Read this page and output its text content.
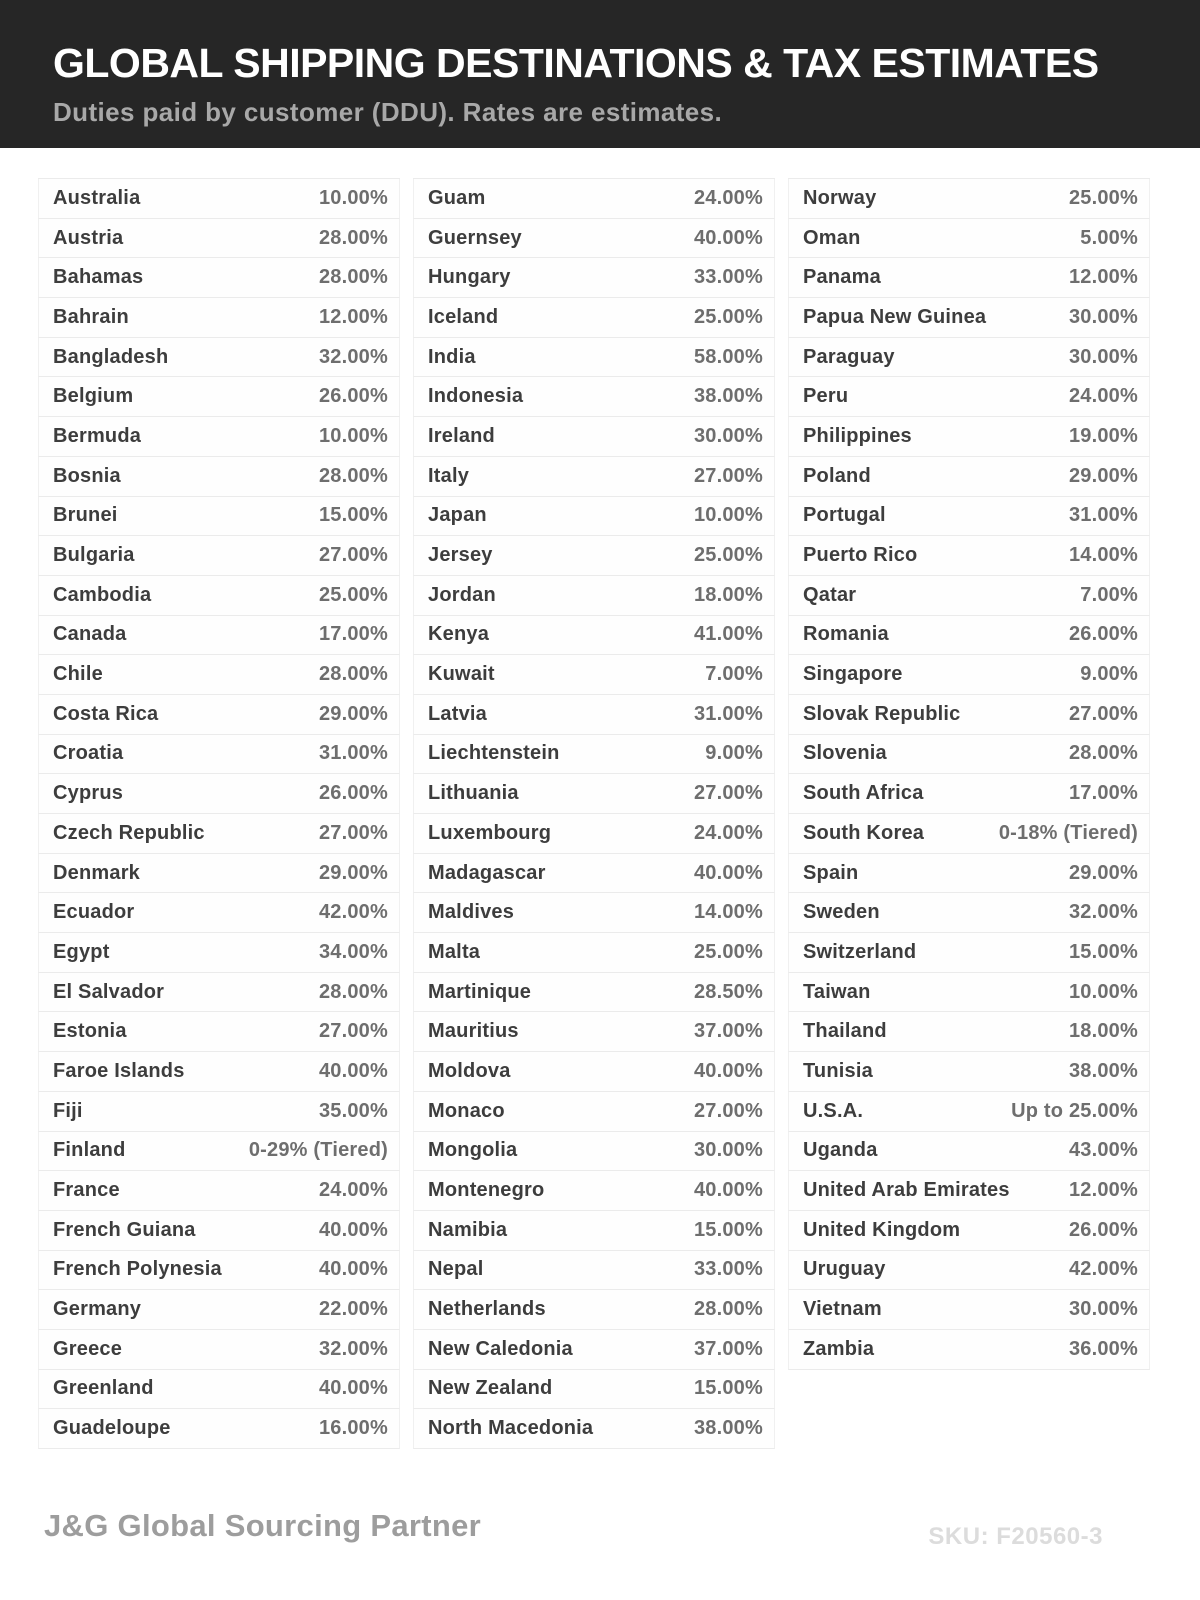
GLOBAL SHIPPING DESTINATIONS & TAX ESTIMATES

Duties paid by customer (DDU). Rates are estimates.

Australia	10.00%
Austria	28.00%
Bahamas	28.00%
Bahrain	12.00%
Bangladesh	32.00%
Belgium	26.00%
Bermuda	10.00%
Bosnia	28.00%
Brunei	15.00%
Bulgaria	27.00%
Cambodia	25.00%
Canada	17.00%
Chile	28.00%
Costa Rica	29.00%
Croatia	31.00%
Cyprus	26.00%
Czech Republic	27.00%
Denmark	29.00%
Ecuador	42.00%
Egypt	34.00%
El Salvador	28.00%
Estonia	27.00%
Faroe Islands	40.00%
Fiji	35.00%
Finland	0-29% (Tiered)
France	24.00%
French Guiana	40.00%
French Polynesia	40.00%
Germany	22.00%
Greece	32.00%
Greenland	40.00%
Guadeloupe	16.00%
Guam	24.00%
Guernsey	40.00%
Hungary	33.00%
Iceland	25.00%
India	58.00%
Indonesia	38.00%
Ireland	30.00%
Italy	27.00%
Japan	10.00%
Jersey	25.00%
Jordan	18.00%
Kenya	41.00%
Kuwait	7.00%
Latvia	31.00%
Liechtenstein	9.00%
Lithuania	27.00%
Luxembourg	24.00%
Madagascar	40.00%
Maldives	14.00%
Malta	25.00%
Martinique	28.50%
Mauritius	37.00%
Moldova	40.00%
Monaco	27.00%
Mongolia	30.00%
Montenegro	40.00%
Namibia	15.00%
Nepal	33.00%
Netherlands	28.00%
New Caledonia	37.00%
New Zealand	15.00%
North Macedonia	38.00%
Norway	25.00%
Oman	5.00%
Panama	12.00%
Papua New Guinea	30.00%
Paraguay	30.00%
Peru	24.00%
Philippines	19.00%
Poland	29.00%
Portugal	31.00%
Puerto Rico	14.00%
Qatar	7.00%
Romania	26.00%
Singapore	9.00%
Slovak Republic	27.00%
Slovenia	28.00%
South Africa	17.00%
South Korea	0-18% (Tiered)
Spain	29.00%
Sweden	32.00%
Switzerland	15.00%
Taiwan	10.00%
Thailand	18.00%
Tunisia	38.00%
U.S.A.	Up to 25.00%
Uganda	43.00%
United Arab Emirates	12.00%
United Kingdom	26.00%
Uruguay	42.00%
Vietnam	30.00%
Zambia	36.00%
J&G Global Sourcing Partner	SKU: F20560-3
